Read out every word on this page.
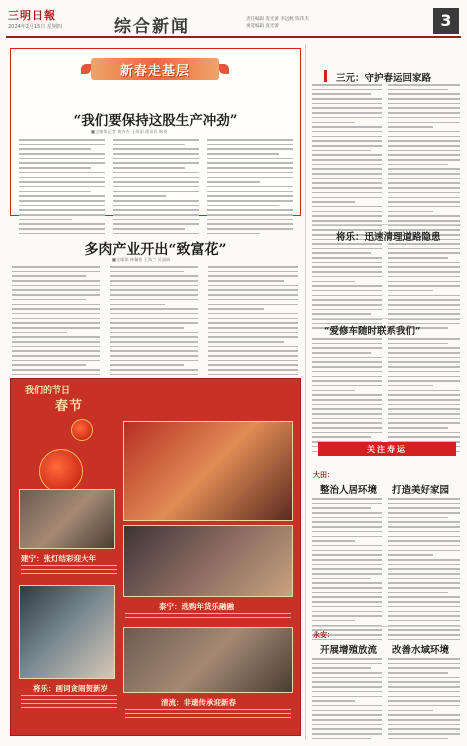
三明日報
2024年2月15日 星期四	综合新闻	责任编辑 庞光蕾 李远帆 陈伟杰
视觉编辑 庞光蕾	3
新春走基层
“我们要保持这股生产冲劲”
■全媒体记者 黄卉杏 王琼丽 通讯员 韩英
多肉产业开出“致富花”
■全媒体 林馨怡 王海兰 吴丽娟
我们的节日
春节
建宁：张灯结彩迎大年
泰宁：选购年货乐融融
将乐：画词贪闹贺新岁
清流：非遗传承迎新春
三元：守护春运回家路
将乐：迅速清理道路隐患
“爱修车随时联系我们”
关注寿运
大田：
整治人居环境 打造美好家园
永安：
开展增殖放流 改善水域环境
